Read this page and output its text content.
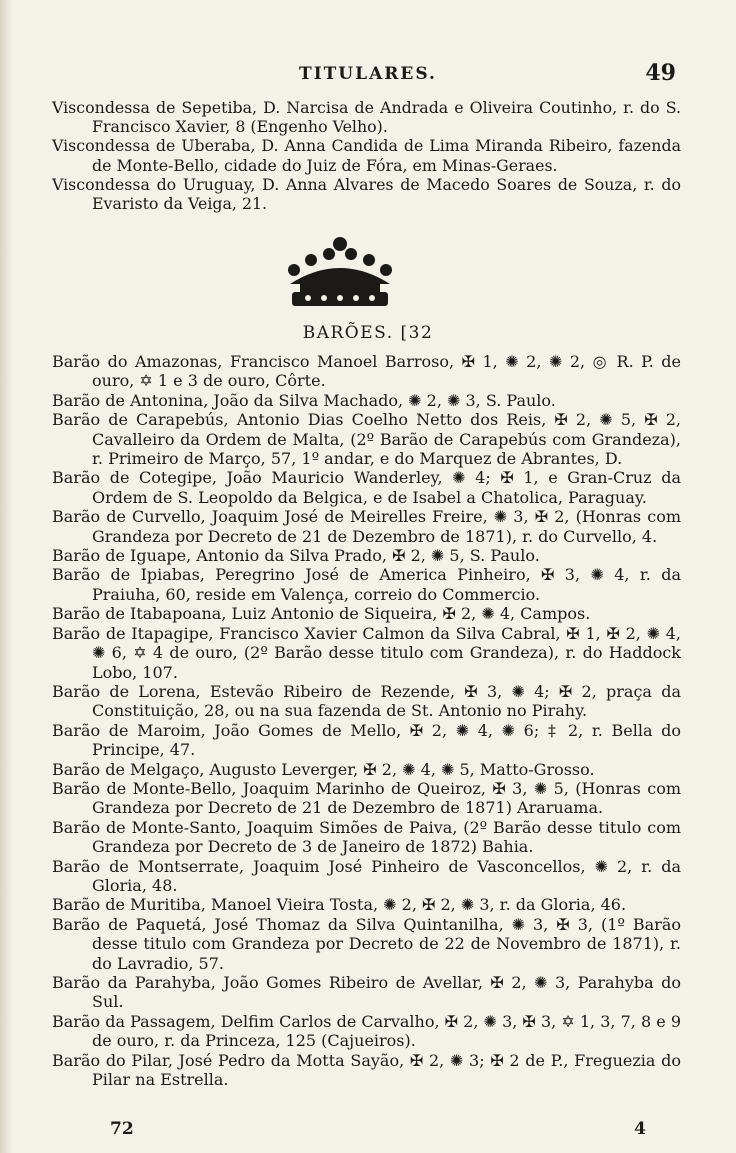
TITULARES.	49

Viscondessa de Sepetiba, D. Narcisa de Andrada e Oliveira Coutinho, r. do S. Francisco Xavier, 8 (Engenho Velho).

Viscondessa de Uberaba, D. Anna Candida de Lima Miranda Ribeiro, fazenda de Monte-Bello, cidade do Juiz de Fóra, em Minas-Geraes.

Viscondessa do Uruguay, D. Anna Alvares de Macedo Soares de Souza, r. do Evaristo da Veiga, 21.

BARÕES. [32

Barão do Amazonas, Francisco Manoel Barroso, ✠ 1, ✺ 2, ✺ 2, ◎ R. P. de ouro, ✡ 1 e 3 de ouro, Côrte.

Barão de Antonina, João da Silva Machado, ✺ 2, ✺ 3, S. Paulo.

Barão de Carapebús, Antonio Dias Coelho Netto dos Reis, ✠ 2, ✺ 5, ✠ 2, Cavalleiro da Ordem de Malta, (2º Barão de Carapebús com Grandeza), r. Primeiro de Março, 57, 1º andar, e do Marquez de Abrantes, D.

Barão de Cotegipe, João Mauricio Wanderley, ✺ 4; ✠ 1, e Gran-Cruz da Ordem de S. Leopoldo da Belgica, e de Isabel a Chatolica, Paraguay.

Barão de Curvello, Joaquim José de Meirelles Freire, ✺ 3, ✠ 2, (Honras com Grandeza por Decreto de 21 de Dezembro de 1871), r. do Curvello, 4.

Barão de Iguape, Antonio da Silva Prado, ✠ 2, ✺ 5, S. Paulo.

Barão de Ipiabas, Peregrino José de America Pinheiro, ✠ 3, ✺ 4, r. da Praiuha, 60, reside em Valença, correio do Commercio.

Barão de Itabapoana, Luiz Antonio de Siqueira, ✠ 2, ✺ 4, Campos.

Barão de Itapagipe, Francisco Xavier Calmon da Silva Cabral, ✠ 1, ✠ 2, ✺ 4, ✺ 6, ✡ 4 de ouro, (2º Barão desse titulo com Grandeza), r. do Haddock Lobo, 107.

Barão de Lorena, Estevão Ribeiro de Rezende, ✠ 3, ✺ 4; ✠ 2, praça da Constituição, 28, ou na sua fazenda de St. Antonio no Pirahy.

Barão de Maroim, João Gomes de Mello, ✠ 2, ✺ 4, ✺ 6; ‡ 2, r. Bella do Principe, 47.

Barão de Melgaço, Augusto Leverger, ✠ 2, ✺ 4, ✺ 5, Matto-Grosso.

Barão de Monte-Bello, Joaquim Marinho de Queiroz, ✠ 3, ✺ 5, (Honras com Grandeza por Decreto de 21 de Dezembro de 1871) Araruama.

Barão de Monte-Santo, Joaquim Simões de Paiva, (2º Barão desse titulo com Grandeza por Decreto de 3 de Janeiro de 1872) Bahia.

Barão de Montserrate, Joaquim José Pinheiro de Vasconcellos, ✺ 2, r. da Gloria, 48.

Barão de Muritiba, Manoel Vieira Tosta, ✺ 2, ✠ 2, ✺ 3, r. da Gloria, 46.

Barão de Paquetá, José Thomaz da Silva Quintanilha, ✺ 3, ✠ 3, (1º Barão desse titulo com Grandeza por Decreto de 22 de Novembro de 1871), r. do Lavradio, 57.

Barão da Parahyba, João Gomes Ribeiro de Avellar, ✠ 2, ✺ 3, Parahyba do Sul.

Barão da Passagem, Delfim Carlos de Carvalho, ✠ 2, ✺ 3, ✠ 3, ✡ 1, 3, 7, 8 e 9 de ouro, r. da Princeza, 125 (Cajueiros).

Barão do Pilar, José Pedro da Motta Sayão, ✠ 2, ✺ 3; ✠ 2 de P., Freguezia do Pilar na Estrella.

72	4
